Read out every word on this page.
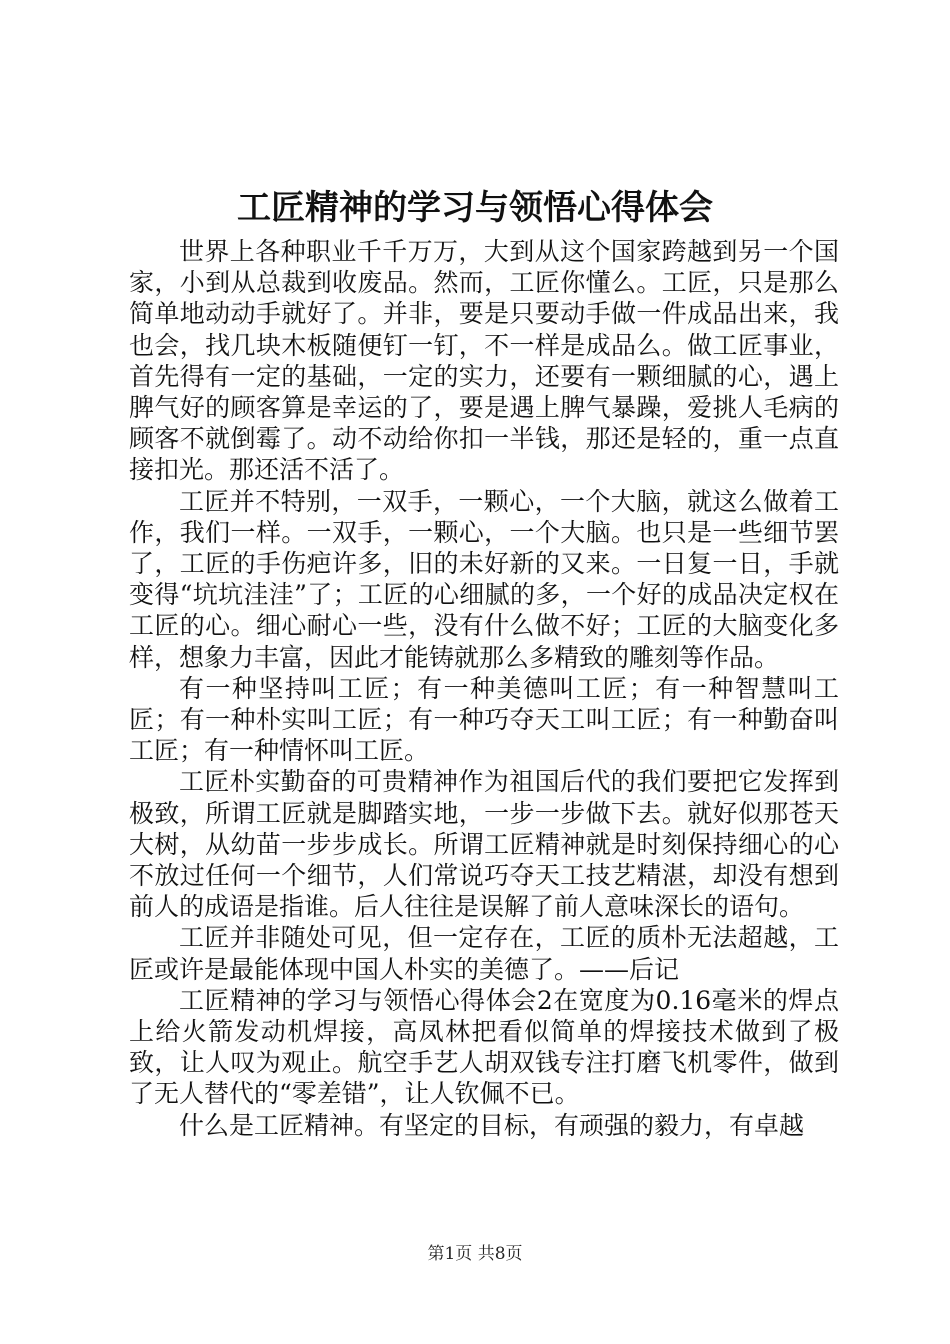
工匠精神的学习与领悟心得体会

世界上各种职业千千万万，大到从这个国家跨越到另一个国家，小到从总裁到收废品。然而，工匠你懂么。工匠，只是那么简单地动动手就好了。并非，要是只要动手做一件成品出来，我也会，找几块木板随便钉一钉，不一样是成品么。做工匠事业，首先得有一定的基础，一定的实力，还要有一颗细腻的心，遇上脾气好的顾客算是幸运的了，要是遇上脾气暴躁，爱挑人毛病的顾客不就倒霉了。动不动给你扣一半钱，那还是轻的，重一点直接扣光。那还活不活了。

工匠并不特别，一双手，一颗心，一个大脑，就这么做着工作，我们一样。一双手，一颗心，一个大脑。也只是一些细节罢了，工匠的手伤疤许多，旧的未好新的又来。一日复一日，手就变得“坑坑洼洼”了；工匠的心细腻的多，一个好的成品决定权在工匠的心。细心耐心一些，没有什么做不好；工匠的大脑变化多样，想象力丰富，因此才能铸就那么多精致的雕刻等作品。

有一种坚持叫工匠；有一种美德叫工匠；有一种智慧叫工匠；有一种朴实叫工匠；有一种巧夺天工叫工匠；有一种勤奋叫工匠；有一种情怀叫工匠。

工匠朴实勤奋的可贵精神作为祖国后代的我们要把它发挥到极致，所谓工匠就是脚踏实地，一步一步做下去。就好似那苍天大树，从幼苗一步步成长。所谓工匠精神就是时刻保持细心的心不放过任何一个细节，人们常说巧夺天工技艺精湛，却没有想到前人的成语是指谁。后人往往是误解了前人意味深长的语句。

工匠并非随处可见，但一定存在，工匠的质朴无法超越，工匠或许是最能体现中国人朴实的美德了。——后记

工匠精神的学习与领悟心得体会2在宽度为0.16毫米的焊点上给火箭发动机焊接，高凤林把看似简单的焊接技术做到了极致，让人叹为观止。航空手艺人胡双钱专注打磨飞机零件，做到了无人替代的“零差错”，让人钦佩不已。

什么是工匠精神。有坚定的目标，有顽强的毅力，有卓越

第1页 共8页
